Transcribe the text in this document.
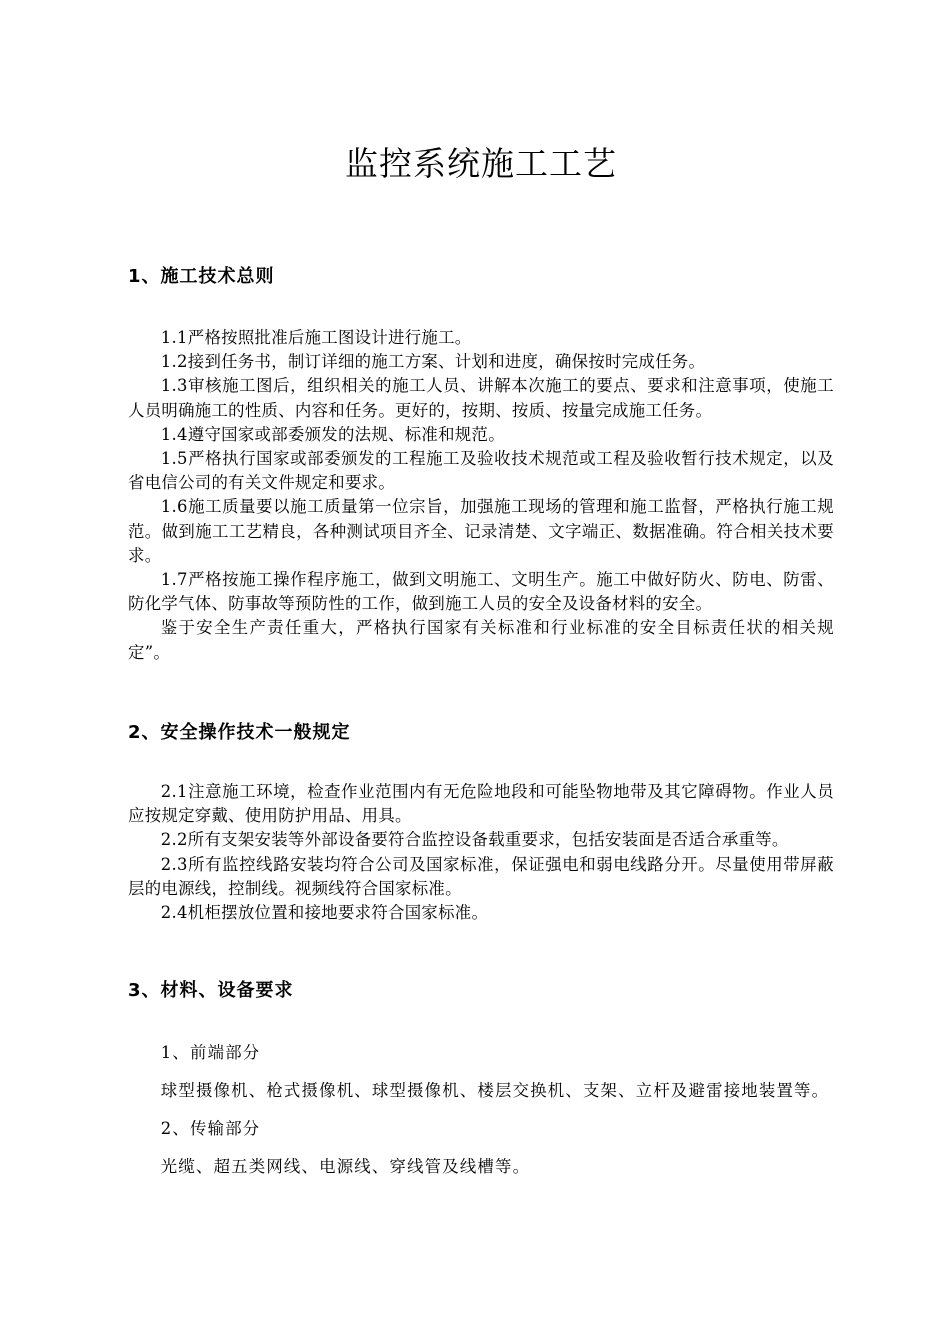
监控系统施工工艺
1、施工技术总则

1.1严格按照批准后施工图设计进行施工。

1.2接到任务书，制订详细的施工方案、计划和进度，确保按时完成任务。

1.3审核施工图后，组织相关的施工人员、讲解本次施工的要点、要求和注意事项，使施工人员明确施工的性质、内容和任务。更好的，按期、按质、按量完成施工任务。

1.4遵守国家或部委颁发的法规、标准和规范。

1.5严格执行国家或部委颁发的工程施工及验收技术规范或工程及验收暂行技术规定，以及省电信公司的有关文件规定和要求。

1.6施工质量要以施工质量第一位宗旨，加强施工现场的管理和施工监督，严格执行施工规范。做到施工工艺精良，各种测试项目齐全、记录清楚、文字端正、数据准确。符合相关技术要求。

1.7严格按施工操作程序施工，做到文明施工、文明生产。施工中做好防火、防电、防雷、防化学气体、防事故等预防性的工作，做到施工人员的安全及设备材料的安全。

鉴于安全生产责任重大，严格执行国家有关标准和行业标准的安全目标责任状的相关规定”。

2、安全操作技术一般规定

2.1注意施工环境，检查作业范围内有无危险地段和可能坠物地带及其它障碍物。作业人员应按规定穿戴、使用防护用品、用具。

2.2所有支架安装等外部设备要符合监控设备载重要求，包括安装面是否适合承重等。

2.3所有监控线路安装均符合公司及国家标准，保证强电和弱电线路分开。尽量使用带屏蔽层的电源线，控制线。视频线符合国家标准。

2.4机柜摆放位置和接地要求符合国家标准。

3、材料、设备要求

1、前端部分

球型摄像机、枪式摄像机、球型摄像机、楼层交换机、支架、立杆及避雷接地装置等。

2、传输部分

光缆、超五类网线、电源线、穿线管及线槽等。
